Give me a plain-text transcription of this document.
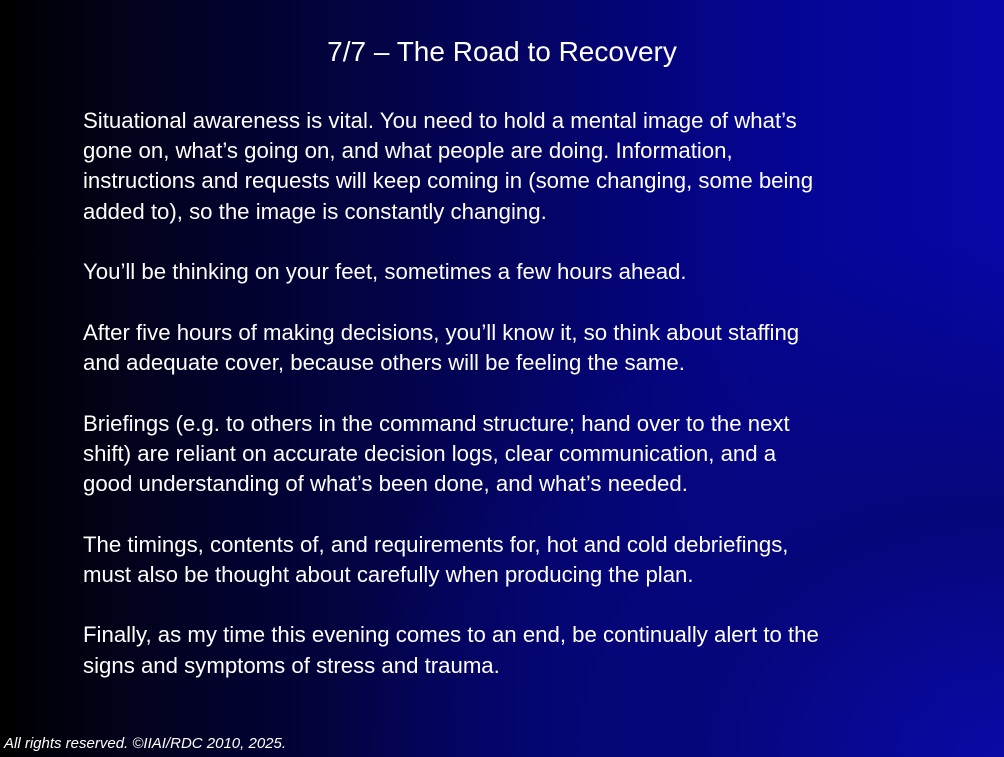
7/7 – The Road to Recovery

Situational awareness is vital. You need to hold a mental image of what’s
gone on, what’s going on, and what people are doing. Information,
instructions and requests will keep coming in (some changing, some being
added to), so the image is constantly changing.

You’ll be thinking on your feet, sometimes a few hours ahead.

After five hours of making decisions, you’ll know it, so think about staffing
and adequate cover, because others will be feeling the same.

Briefings (e.g. to others in the command structure; hand over to the next
shift) are reliant on accurate decision logs, clear communication, and a
good understanding of what’s been done, and what’s needed.

The timings, contents of, and requirements for, hot and cold debriefings,
must also be thought about carefully when producing the plan.

Finally, as my time this evening comes to an end, be continually alert to the
signs and symptoms of stress and trauma.

All rights reserved. ©IIAI/RDC 2010, 2025.
